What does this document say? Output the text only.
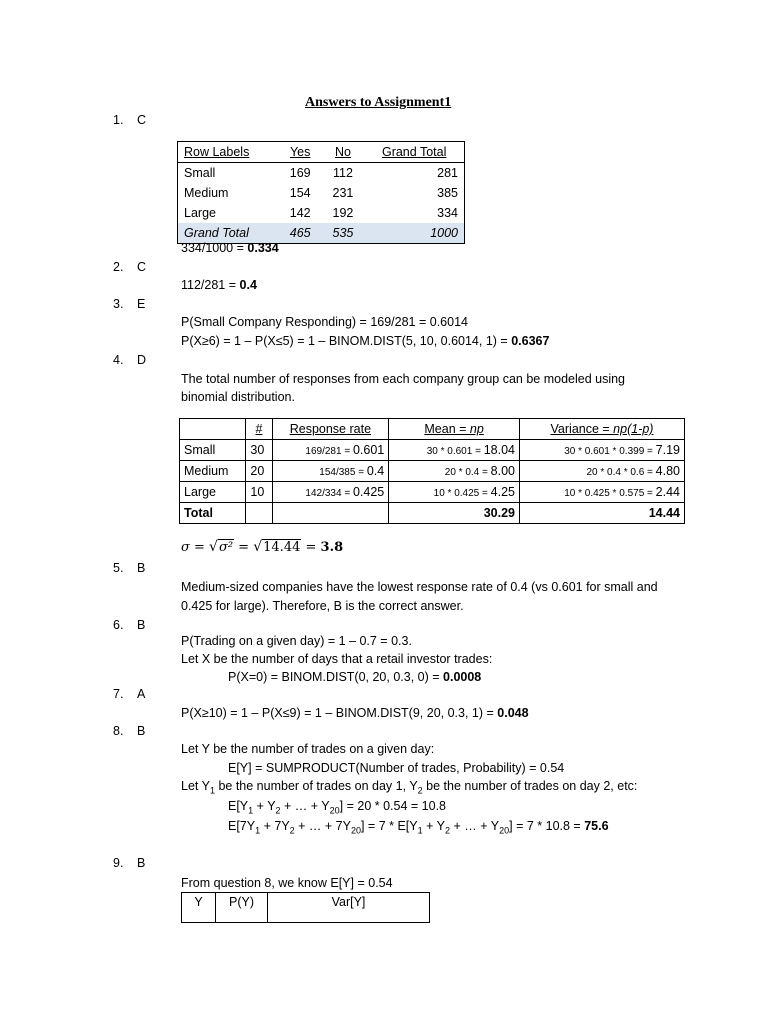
Answers to Assignment1
1. C
Row Labels	Yes	No	Grand Total
Small	169	112	281
Medium	154	231	385
Large	142	192	334
Grand Total	465	535	1000
334/1000 = 0.334
2. C
112/281 = 0.4
3. E
P(Small Company Responding) = 169/281 = 0.6014
P(X≥6) = 1 – P(X≤5) = 1 – BINOM.DIST(5, 10, 0.6014, 1) = 0.6367
4. D
The total number of responses from each company group can be modeled using
binomial distribution.
	#	Response rate	Mean = np	Variance = np(1-p)
Small	30	169/281 = 0.601	30 * 0.601 = 18.04	30 * 0.601 * 0.399 = 7.19
Medium	20	154/385 = 0.4	20 * 0.4 = 8.00	20 * 0.4 * 0.6 = 4.80
Large	10	142/334 = 0.425	10 * 0.425 = 4.25	10 * 0.425 * 0.575 = 2.44
Total			30.29	14.44
σ = √σ² = √14.44 = 3.8
5. B
Medium-sized companies have the lowest response rate of 0.4 (vs 0.601 for small and
0.425 for large). Therefore, B is the correct answer.
6. B
P(Trading on a given day) = 1 – 0.7 = 0.3.
Let X be the number of days that a retail investor trades:
P(X=0) = BINOM.DIST(0, 20, 0.3, 0) = 0.0008
7. A
P(X≥10) = 1 – P(X≤9) = 1 – BINOM.DIST(9, 20, 0.3, 1) = 0.048
8. B
Let Y be the number of trades on a given day:
E[Y] = SUMPRODUCT(Number of trades, Probability) = 0.54
Let $Y_1$ be the number of trades on day 1, $Y_2$ be the number of trades on day 2, etc:
$E[Y_1 + Y_2$ + … + $Y_{20}] = 20 * 0.54 = 10.8$
$E[7Y_1 + 7Y_2$ + … + $7Y_{20}] = 7 * E[Y_1 + Y_2$ + … + $Y_{20}] = 7 * 10.8 = 75.6$
9. B
From question 8, we know E[Y] = 0.54
Y	P(Y)	Var[Y]
